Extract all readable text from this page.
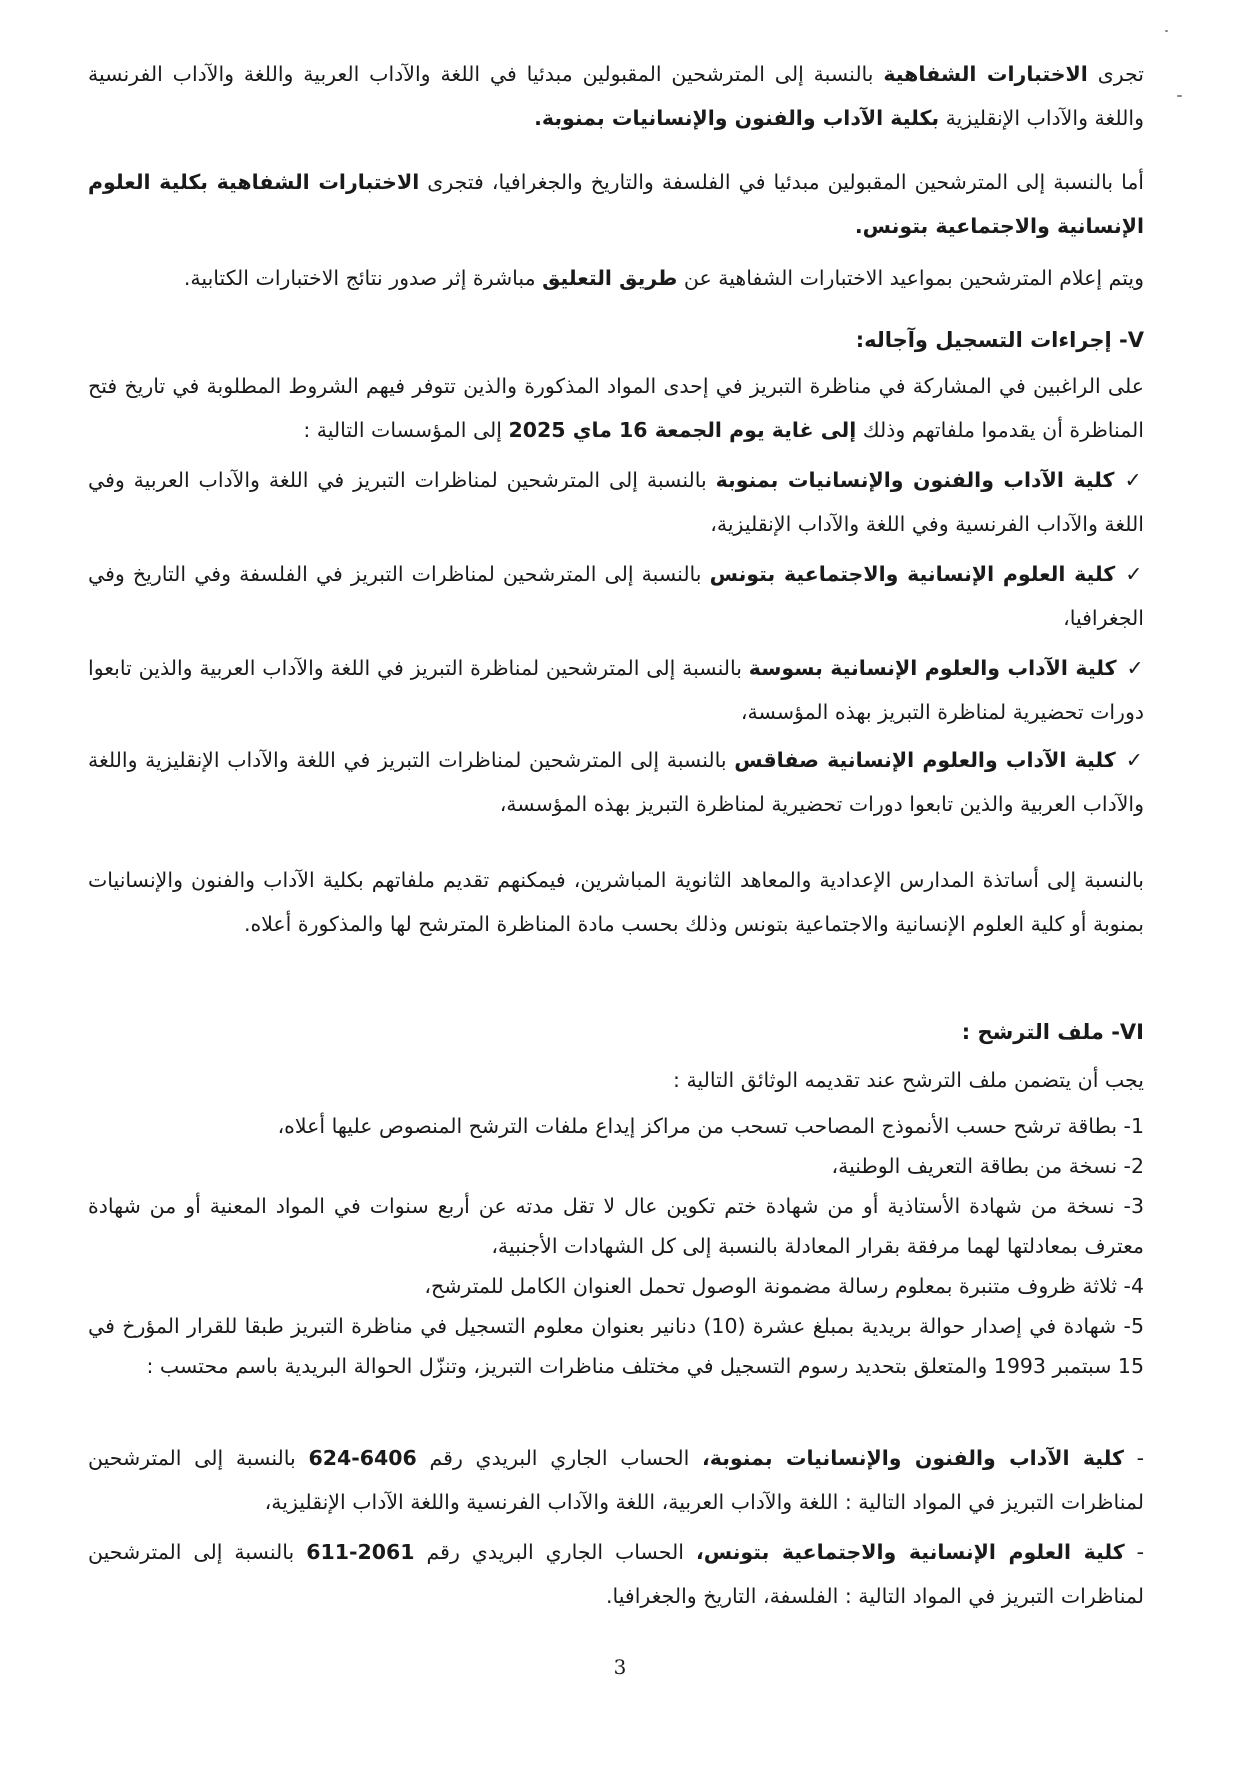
تجرى الاختبارات الشفاهية بالنسبة إلى المترشحين المقبولين مبدئيا في اللغة والآداب العربية واللغة والآداب الفرنسية واللغة والآداب الإنقليزية بكلية الآداب والفنون والإنسانيات بمنوبة.

أما بالنسبة إلى المترشحين المقبولين مبدئيا في الفلسفة والتاريخ والجغرافيا، فتجرى الاختبارات الشفاهية بكلية العلوم الإنسانية والاجتماعية بتونس.

ويتم إعلام المترشحين بمواعيد الاختبارات الشفاهية عن طريق التعليق مباشرة إثر صدور نتائج الاختبارات الكتابية.

V- إجراءات التسجيل وآجاله:

على الراغبين في المشاركة في مناظرة التبريز في إحدى المواد المذكورة والذين تتوفر فيهم الشروط المطلوبة في تاريخ فتح المناظرة أن يقدموا ملفاتهم وذلك إلى غاية يوم الجمعة 16 ماي 2025 إلى المؤسسات التالية :

✓كلية الآداب والفنون والإنسانيات بمنوبة بالنسبة إلى المترشحين لمناظرات التبريز في اللغة والآداب العربية وفي اللغة والآداب الفرنسية وفي اللغة والآداب الإنقليزية،

✓كلية العلوم الإنسانية والاجتماعية بتونس بالنسبة إلى المترشحين لمناظرات التبريز في الفلسفة وفي التاريخ وفي الجغرافيا،

✓كلية الآداب والعلوم الإنسانية بسوسة بالنسبة إلى المترشحين لمناظرة التبريز في اللغة والآداب العربية والذين تابعوا دورات تحضيرية لمناظرة التبريز بهذه المؤسسة،

✓كلية الآداب والعلوم الإنسانية صفاقس بالنسبة إلى المترشحين لمناظرات التبريز في اللغة والآداب الإنقليزية واللغة والآداب العربية والذين تابعوا دورات تحضيرية لمناظرة التبريز بهذه المؤسسة،

بالنسبة إلى أساتذة المدارس الإعدادية والمعاهد الثانوية المباشرين، فيمكنهم تقديم ملفاتهم بكلية الآداب والفنون والإنسانيات بمنوبة أو كلية العلوم الإنسانية والاجتماعية بتونس وذلك بحسب مادة المناظرة المترشح لها والمذكورة أعلاه.

VI- ملف الترشح :

يجب أن يتضمن ملف الترشح عند تقديمه الوثائق التالية :

1- بطاقة ترشح حسب الأنموذج المصاحب تسحب من مراكز إيداع ملفات الترشح المنصوص عليها أعلاه،

2- نسخة من بطاقة التعريف الوطنية،

3- نسخة من شهادة الأستاذية أو من شهادة ختم تكوين عال لا تقل مدته عن أربع سنوات في المواد المعنية أو من شهادة معترف بمعادلتها لهما مرفقة بقرار المعادلة بالنسبة إلى كل الشهادات الأجنبية،

4- ثلاثة ظروف متنبرة بمعلوم رسالة مضمونة الوصول تحمل العنوان الكامل للمترشح،

5- شهادة في إصدار حوالة بريدية بمبلغ عشرة (10) دنانير بعنوان معلوم التسجيل في مناظرة التبريز طبقا للقرار المؤرخ في 15 سبتمبر 1993 والمتعلق بتحديد رسوم التسجيل في مختلف مناظرات التبريز، وتنزّل الحوالة البريدية باسم محتسب :

- كلية الآداب والفنون والإنسانيات بمنوبة، الحساب الجاري البريدي رقم 6406-624 بالنسبة إلى المترشحين لمناظرات التبريز في المواد التالية : اللغة والآداب العربية، اللغة والآداب الفرنسية واللغة الآداب الإنقليزية،

- كلية العلوم الإنسانية والاجتماعية بتونس، الحساب الجاري البريدي رقم 2061-611 بالنسبة إلى المترشحين لمناظرات التبريز في المواد التالية : الفلسفة، التاريخ والجغرافيا.

3
